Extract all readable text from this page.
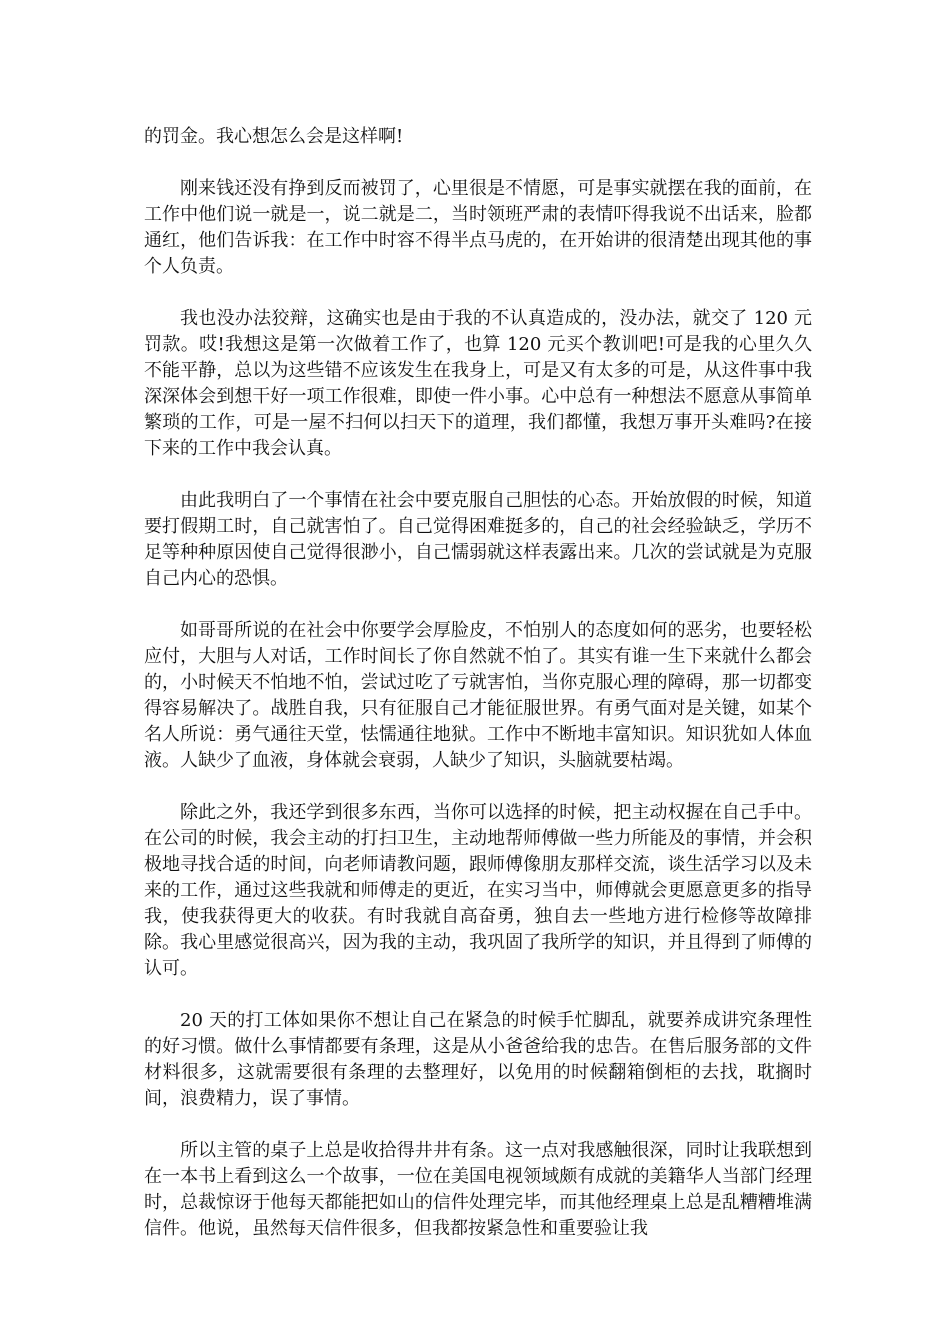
的罚金。我心想怎么会是这样啊!

刚来钱还没有挣到反而被罚了，心里很是不情愿，可是事实就摆在我的面前，在工作中他们说一就是一，说二就是二，当时领班严肃的表情吓得我说不出话来，脸都通红，他们告诉我：在工作中时容不得半点马虎的，在开始讲的很清楚出现其他的事个人负责。

我也没办法狡辩，这确实也是由于我的不认真造成的，没办法，就交了 120 元罚款。哎!我想这是第一次做着工作了，也算 120 元买个教训吧!可是我的心里久久不能平静，总以为这些错不应该发生在我身上，可是又有太多的可是，从这件事中我深深体会到想干好一项工作很难，即使一件小事。心中总有一种想法不愿意从事简单繁琐的工作，可是一屋不扫何以扫天下的道理，我们都懂，我想万事开头难吗?在接下来的工作中我会认真。

由此我明白了一个事情在社会中要克服自己胆怯的心态。开始放假的时候，知道要打假期工时，自己就害怕了。自己觉得困难挺多的，自己的社会经验缺乏，学历不足等种种原因使自己觉得很渺小，自己懦弱就这样表露出来。几次的尝试就是为克服自己内心的恐惧。

如哥哥所说的在社会中你要学会厚脸皮，不怕别人的态度如何的恶劣，也要轻松应付，大胆与人对话，工作时间长了你自然就不怕了。其实有谁一生下来就什么都会的，小时候天不怕地不怕，尝试过吃了亏就害怕，当你克服心理的障碍，那一切都变得容易解决了。战胜自我，只有征服自己才能征服世界。有勇气面对是关键，如某个名人所说：勇气通往天堂，怯懦通往地狱。工作中不断地丰富知识。知识犹如人体血液。人缺少了血液，身体就会衰弱，人缺少了知识，头脑就要枯竭。

除此之外，我还学到很多东西，当你可以选择的时候，把主动权握在自己手中。在公司的时候，我会主动的打扫卫生，主动地帮师傅做一些力所能及的事情，并会积极地寻找合适的时间，向老师请教问题，跟师傅像朋友那样交流，谈生活学习以及未来的工作，通过这些我就和师傅走的更近，在实习当中，师傅就会更愿意更多的指导我，使我获得更大的收获。有时我就自高奋勇，独自去一些地方进行检修等故障排除。我心里感觉很高兴，因为我的主动，我巩固了我所学的知识，并且得到了师傅的认可。

20 天的打工体如果你不想让自己在紧急的时候手忙脚乱，就要养成讲究条理性的好习惯。做什么事情都要有条理，这是从小爸爸给我的忠告。在售后服务部的文件材料很多，这就需要很有条理的去整理好，以免用的时候翻箱倒柜的去找，耽搁时间，浪费精力，误了事情。

所以主管的桌子上总是收拾得井井有条。这一点对我感触很深，同时让我联想到在一本书上看到这么一个故事，一位在美国电视领域颇有成就的美籍华人当部门经理时，总裁惊讶于他每天都能把如山的信件处理完毕，而其他经理桌上总是乱糟糟堆满信件。他说，虽然每天信件很多，但我都按紧急性和重要验让我
